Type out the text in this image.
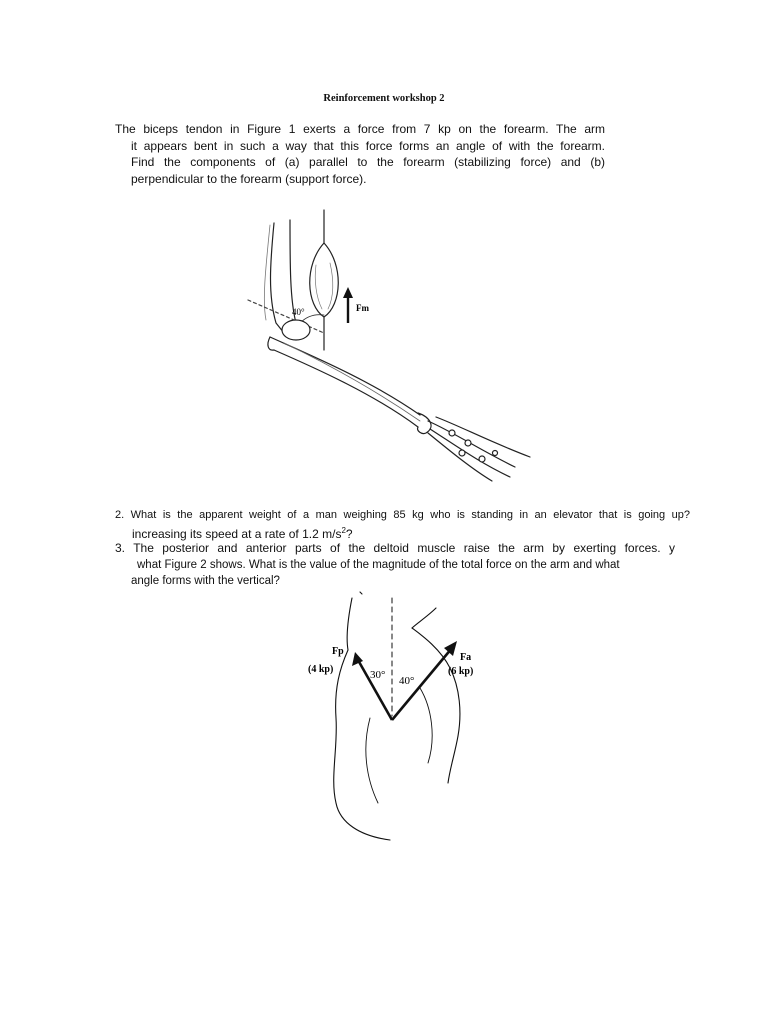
Reinforcement workshop 2
The biceps tendon in Figure 1 exerts a force from 7 kp on the forearm. The arm
it appears bent in such a way that this force forms an angle of with the forearm.
Find the components of (a) parallel to the forearm (stabilizing force) and (b)
perpendicular to the forearm (support force).
Fm
40°
2. What is the apparent weight of a man weighing 85 kg who is standing in an elevator that is going up?
increasing its speed at a rate of 1.2 $m/s^2$?
3. The posterior and anterior parts of the deltoid muscle raise the arm by exerting forces. y
what Figure 2 shows. What is the value of the magnitude of the total force on the arm and what
angle forms with the vertical?
Fp
(4 kp)
Fa
(6 kp)
30° 40°
